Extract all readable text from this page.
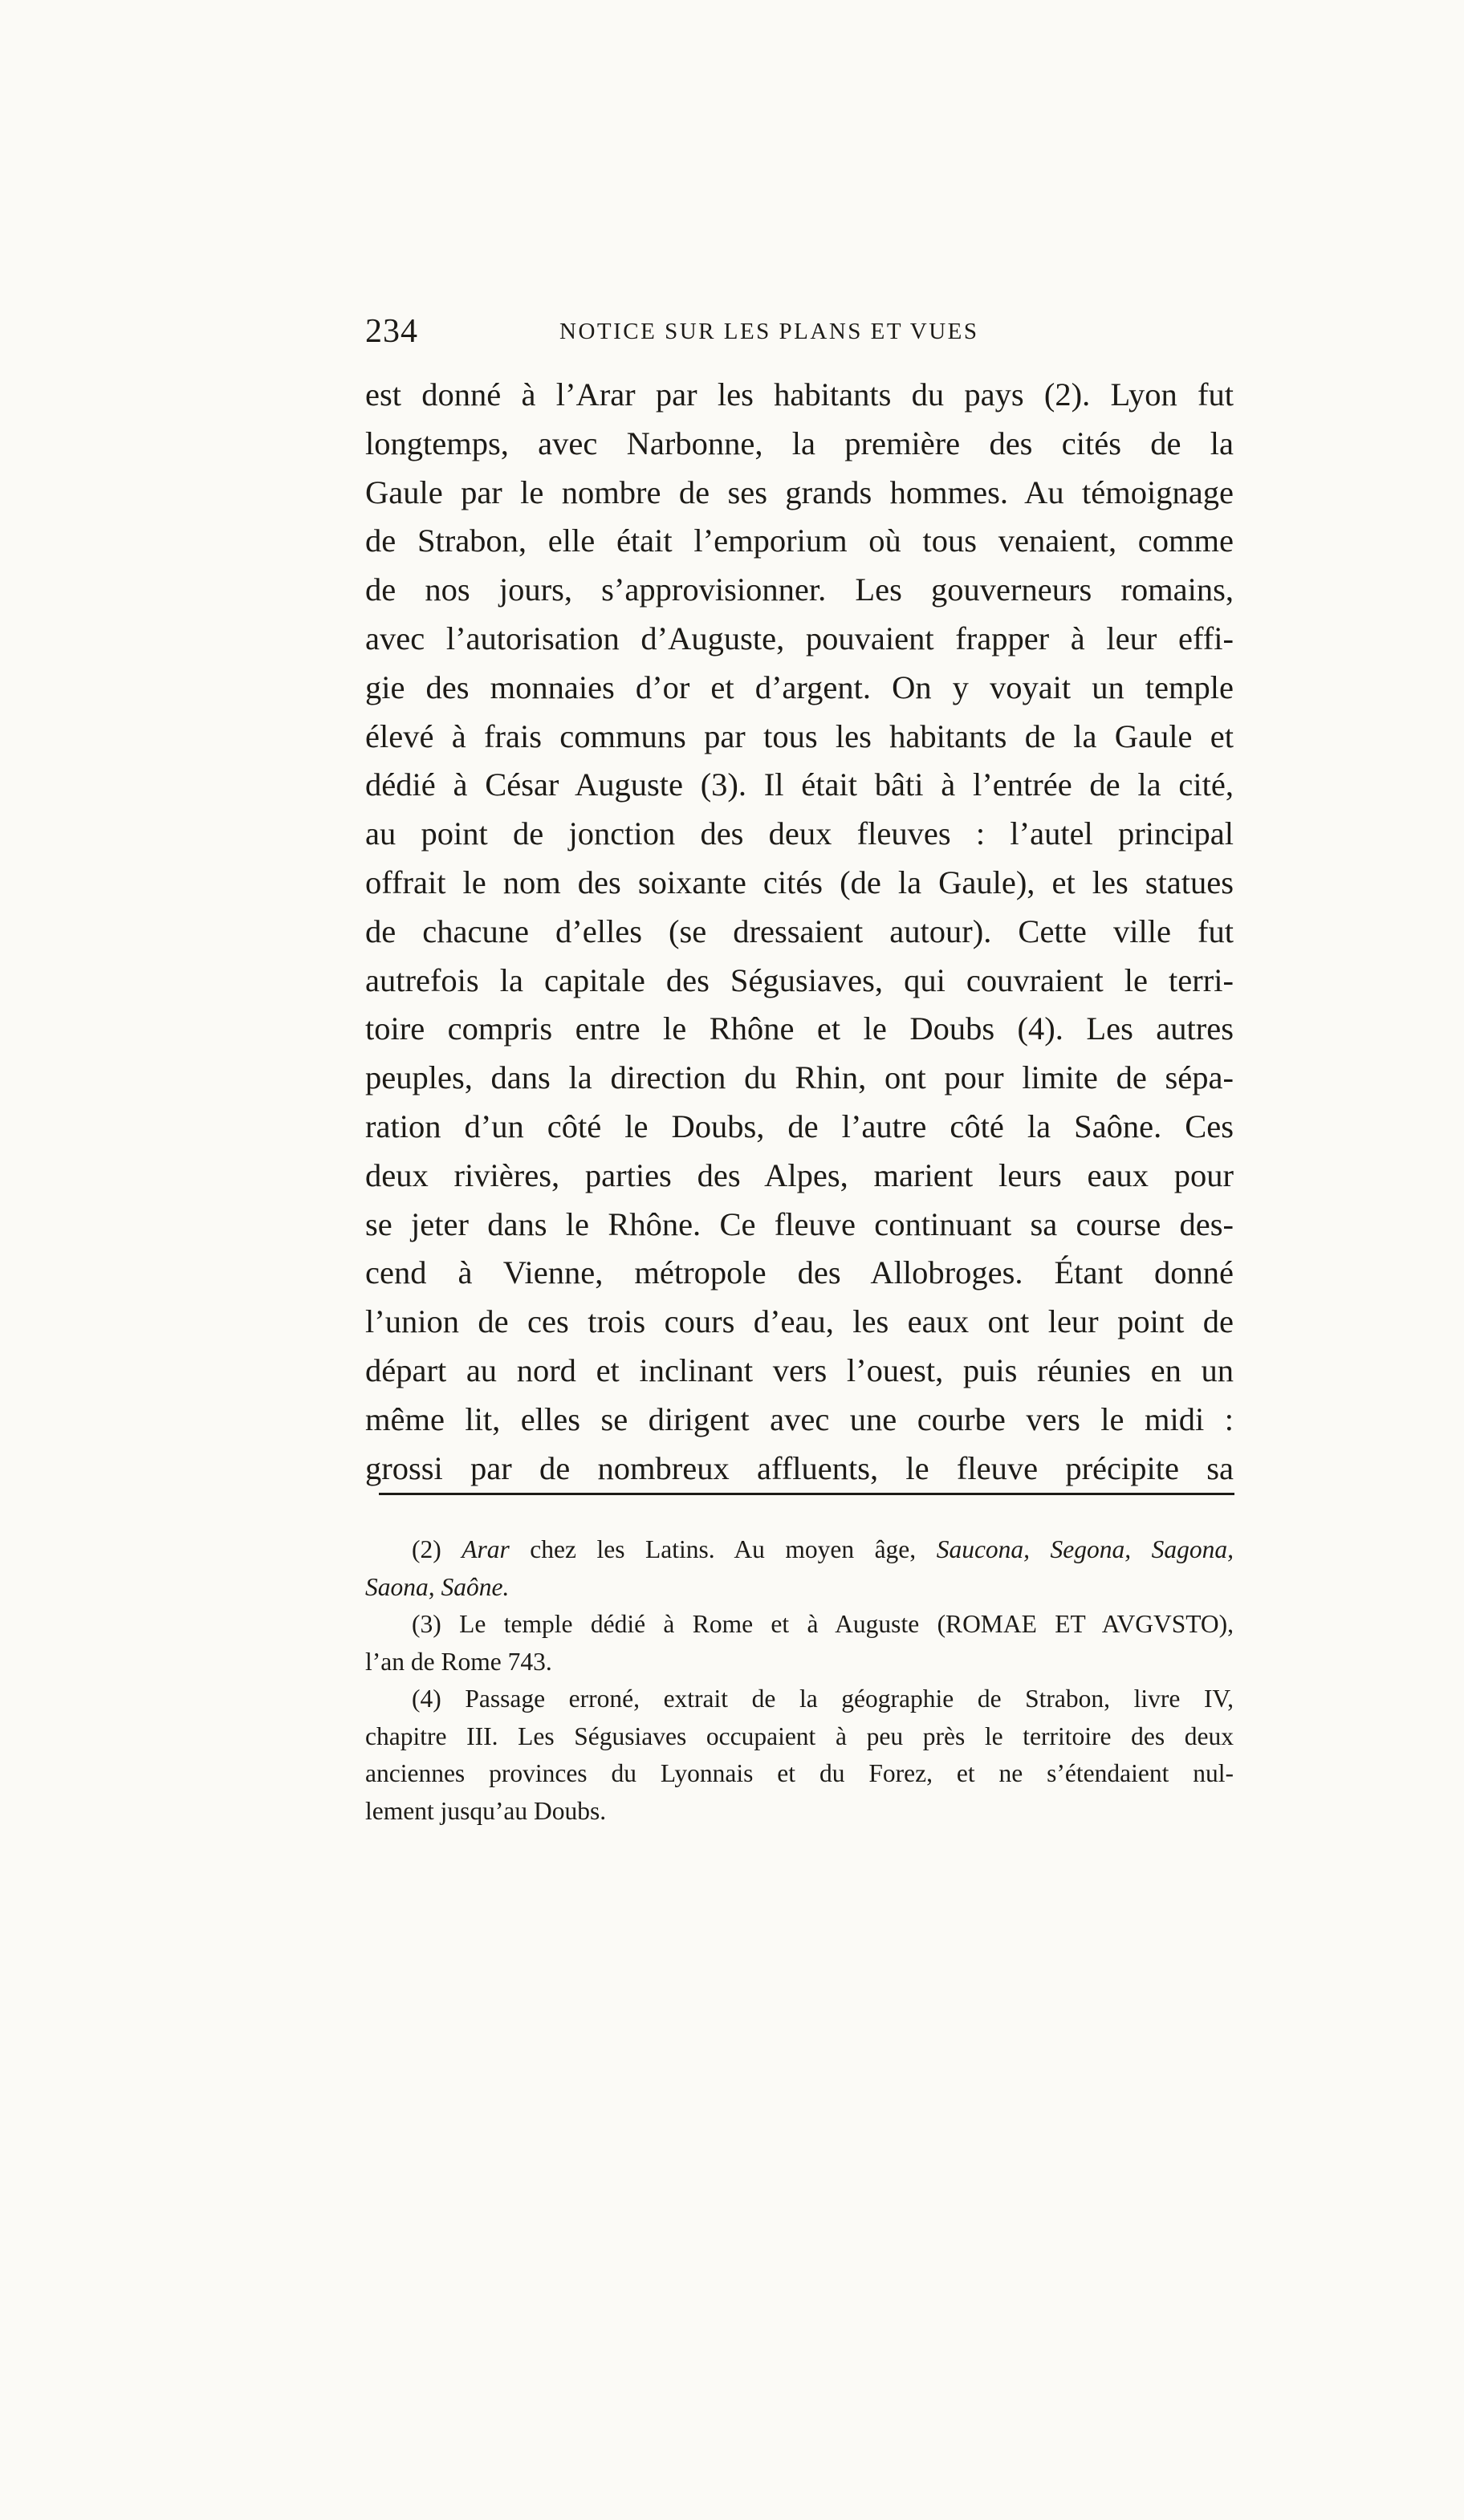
234	NOTICE SUR LES PLANS ET VUES
est donné à l’Arar par les habitants du pays (2). Lyon fut
longtemps, avec Narbonne, la première des cités de la
Gaule par le nombre de ses grands hommes. Au témoignage
de Strabon, elle était l’emporium où tous venaient, comme
de nos jours, s’approvisionner. Les gouverneurs romains,
avec l’autorisation d’Auguste, pouvaient frapper à leur effi-
gie des monnaies d’or et d’argent. On y voyait un temple
élevé à frais communs par tous les habitants de la Gaule et
dédié à César Auguste (3). Il était bâti à l’entrée de la cité,
au point de jonction des deux fleuves : l’autel principal
offrait le nom des soixante cités (de la Gaule), et les statues
de chacune d’elles (se dressaient autour). Cette ville fut
autrefois la capitale des Ségusiaves, qui couvraient le terri-
toire compris entre le Rhône et le Doubs (4). Les autres
peuples, dans la direction du Rhin, ont pour limite de sépa-
ration d’un côté le Doubs, de l’autre côté la Saône. Ces
deux rivières, parties des Alpes, marient leurs eaux pour
se jeter dans le Rhône. Ce fleuve continuant sa course des-
cend à Vienne, métropole des Allobroges. Étant donné
l’union de ces trois cours d’eau, les eaux ont leur point de
départ au nord et inclinant vers l’ouest, puis réunies en un
même lit, elles se dirigent avec une courbe vers le midi :
grossi par de nombreux affluents, le fleuve précipite sa
(2) Arar chez les Latins. Au moyen âge, Saucona, Segona, Sagona,
Saona, Saône.
(3) Le temple dédié à Rome et à Auguste (ROMAE ET AVGVSTO),
l’an de Rome 743.
(4) Passage erroné, extrait de la géographie de Strabon, livre IV,
chapitre III. Les Ségusiaves occupaient à peu près le territoire des deux
anciennes provinces du Lyonnais et du Forez, et ne s’étendaient nul-
lement jusqu’au Doubs.
